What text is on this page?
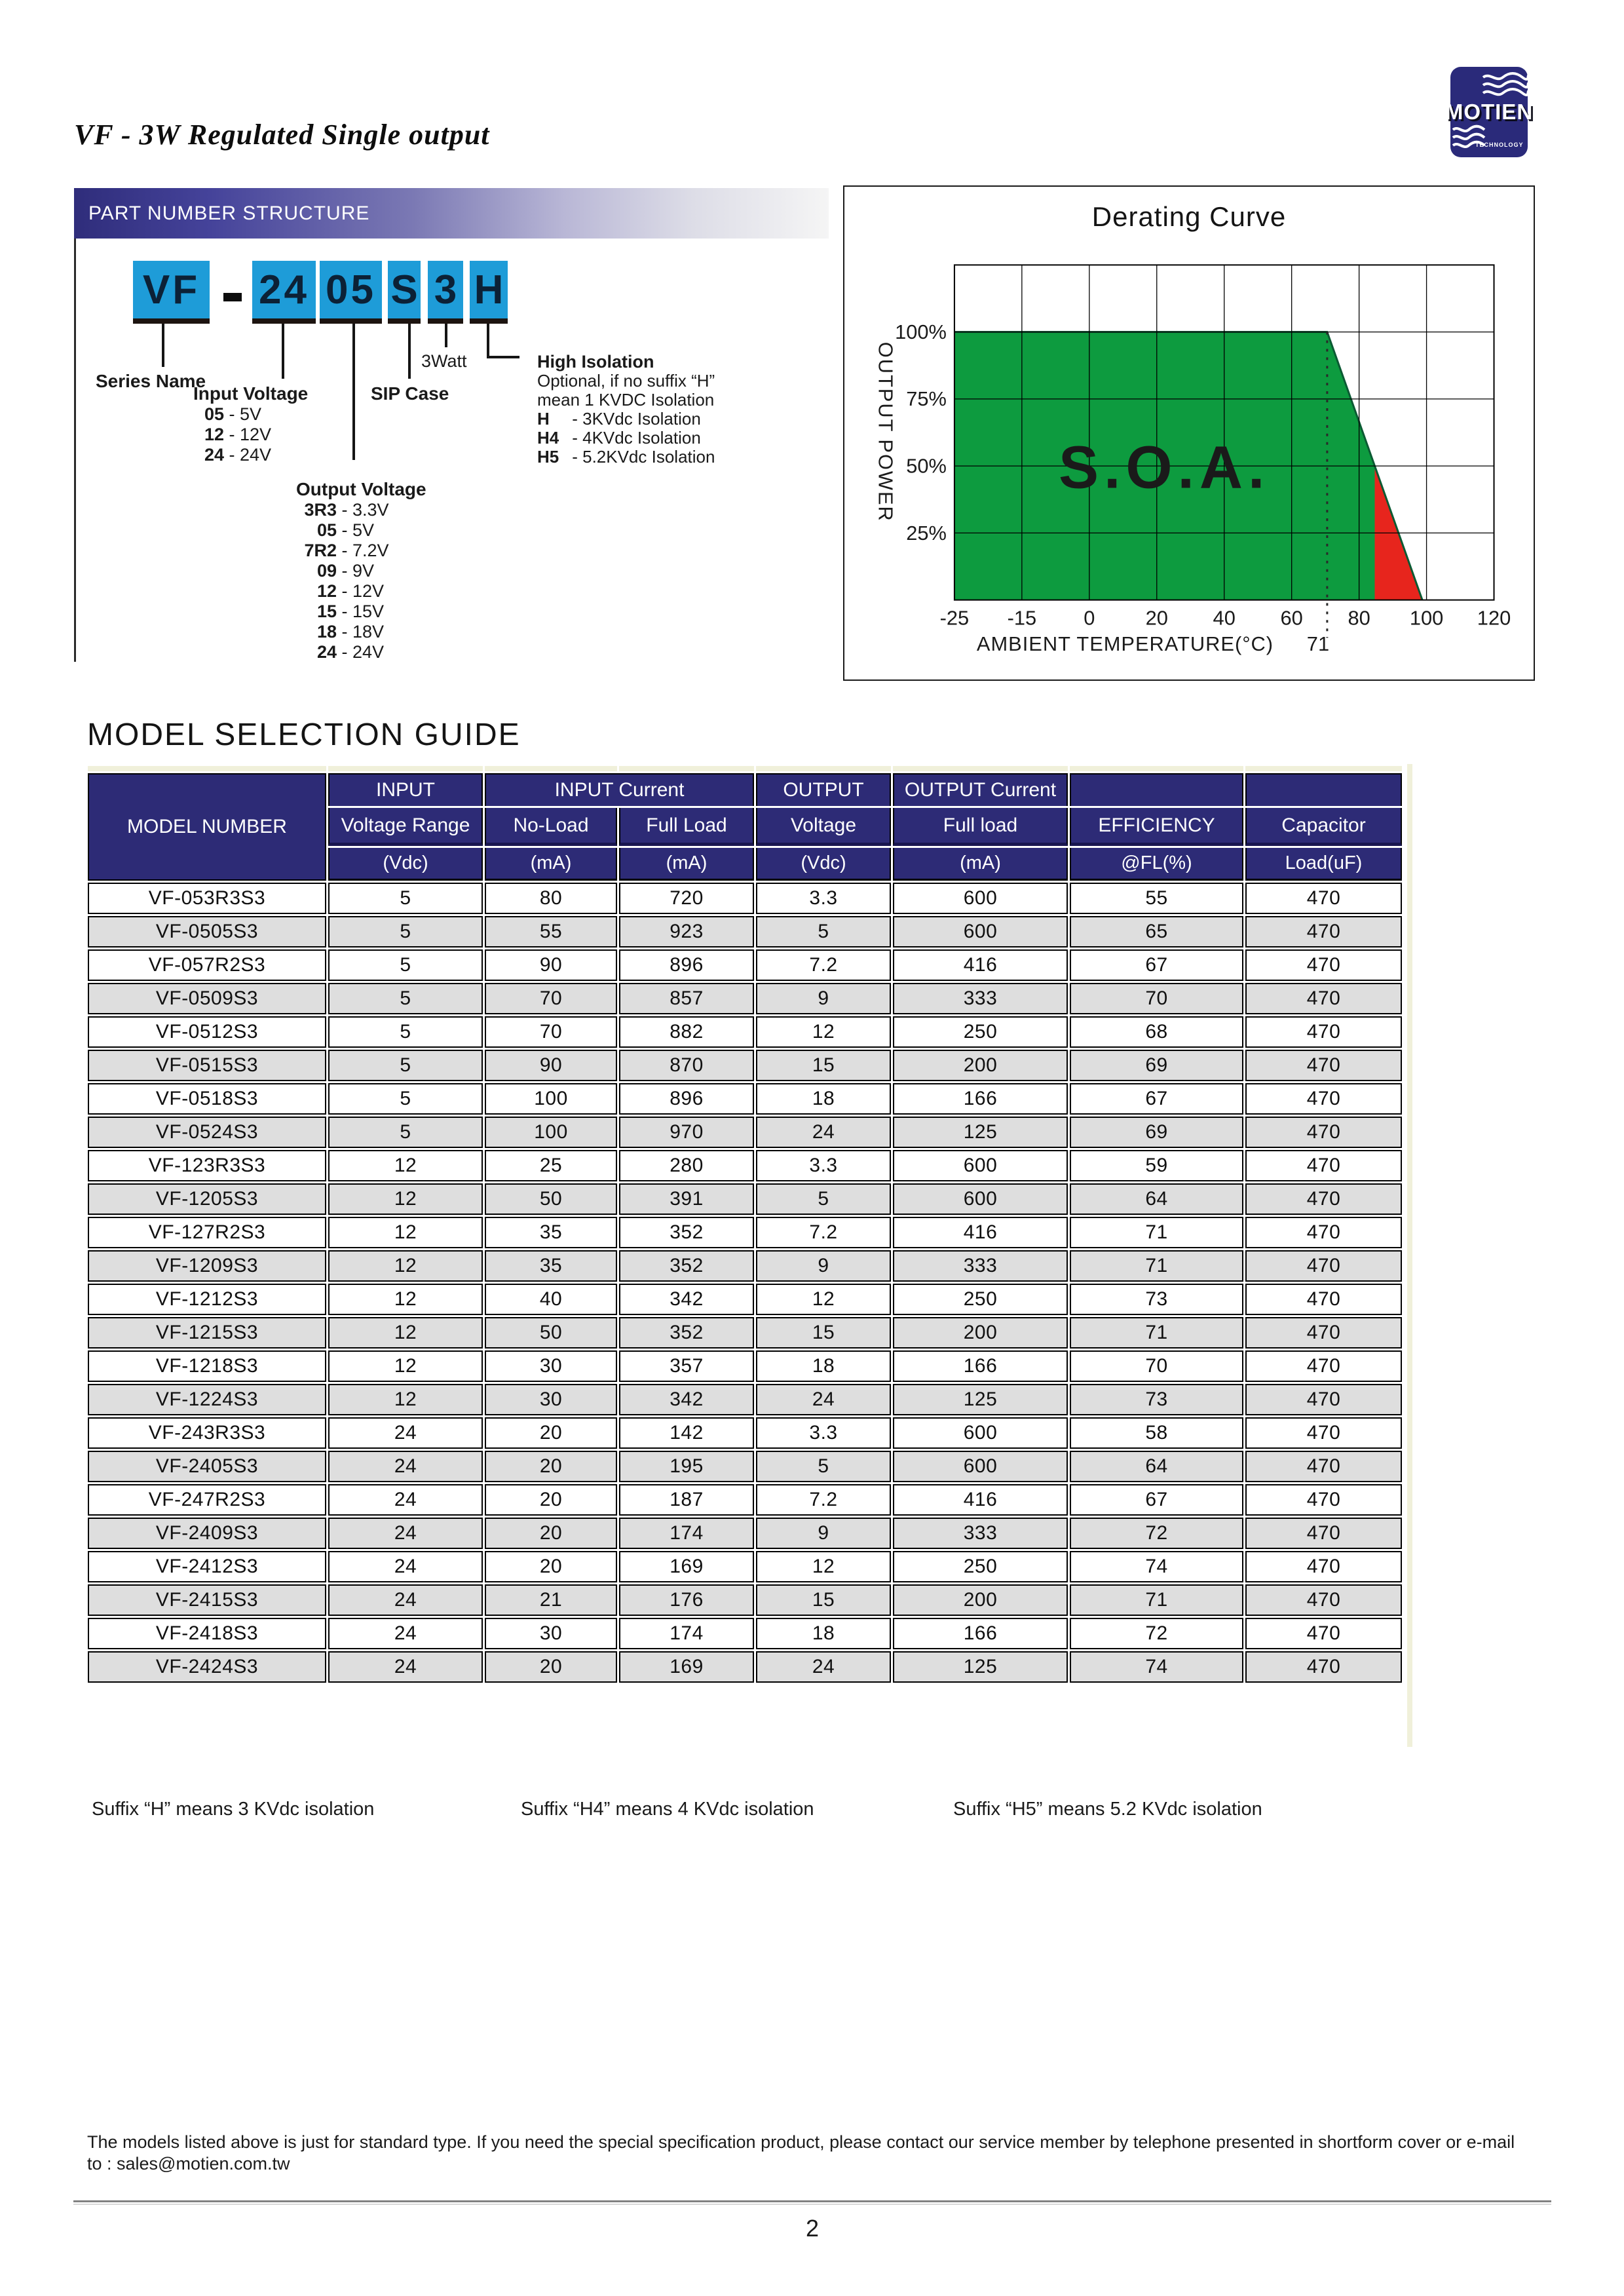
VF - 3W Regulated Single output
MOTIEN
TECHNOLOGY
PART NUMBER STRUCTURE
VF 24 05 S 3 H
Series Name
Input Voltage
05 - 5V
12 - 12V
24 - 24V
Output Voltage
3R3 - 3.3V
05 - 5V
7R2 - 7.2V
09 - 9V
12 - 12V
15 - 15V
18 - 18V
24 - 24V
SIP Case
3Watt	High Isolation
Optional, if no suffix “H”
mean 1 KVDC Isolation
H - 3KVdc Isolation
H4 - 4KVdc Isolation
H5 - 5.2KVdc Isolation
Derating Curve
S.O.A.
100%
75%
50%
25%
OUTPUT POWER
-25 -15 0 20 40 60 80 100 120
AMBIENT TEMPERATURE(°C) 71
MODEL SELECTION GUIDE

MODEL NUMBER	INPUT	INPUT Current		OUTPUT	OUTPUT Current		
	Voltage Range	No-Load	Full Load	Voltage	Full load	EFFICIENCY	Capacitor
	(Vdc)	(mA)	(mA)	(Vdc)	(mA)	@FL(%)	Load(uF)
VF-053R3S3	5	80	720	3.3	600	55	470
VF-0505S3	5	55	923	5	600	65	470
VF-057R2S3	5	90	896	7.2	416	67	470
VF-0509S3	5	70	857	9	333	70	470
VF-0512S3	5	70	882	12	250	68	470
VF-0515S3	5	90	870	15	200	69	470
VF-0518S3	5	100	896	18	166	67	470
VF-0524S3	5	100	970	24	125	69	470
VF-123R3S3	12	25	280	3.3	600	59	470
VF-1205S3	12	50	391	5	600	64	470
VF-127R2S3	12	35	352	7.2	416	71	470
VF-1209S3	12	35	352	9	333	71	470
VF-1212S3	12	40	342	12	250	73	470
VF-1215S3	12	50	352	15	200	71	470
VF-1218S3	12	30	357	18	166	70	470
VF-1224S3	12	30	342	24	125	73	470
VF-243R3S3	24	20	142	3.3	600	58	470
VF-2405S3	24	20	195	5	600	64	470
VF-247R2S3	24	20	187	7.2	416	67	470
VF-2409S3	24	20	174	9	333	72	470
VF-2412S3	24	20	169	12	250	74	470
VF-2415S3	24	21	176	15	200	71	470
VF-2418S3	24	30	174	18	166	72	470
VF-2424S3	24	20	169	24	125	74	470
Suffix “H” means 3 KVdc isolation	Suffix “H4” means 4 KVdc isolation	Suffix “H5” means 5.2 KVdc isolation
The models listed above is just for standard type. If you need the special specification product, please contact our service member by telephone presented in shortform cover or e-mail
to : sales@motien.com.tw
2
